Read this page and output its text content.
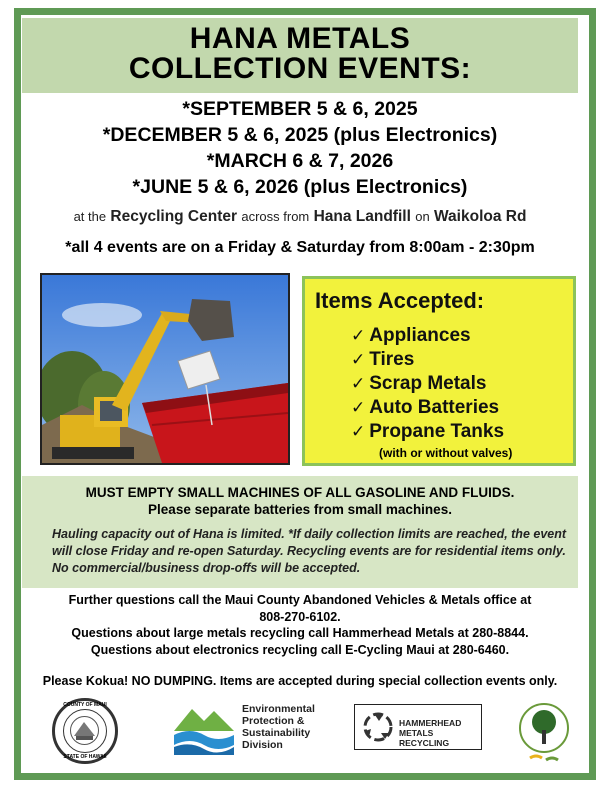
HANA METALS
COLLECTION EVENTS:
*SEPTEMBER 5 & 6, 2025
*DECEMBER 5 & 6, 2025 (plus Electronics)
*MARCH 6 & 7, 2026
*JUNE 5 & 6, 2026 (plus Electronics)
at the Recycling Center across from Hana Landfill on Waikoloa Rd
*all 4 events are on a Friday & Saturday from 8:00am - 2:30pm
Items Accepted:
✓ Appliances
✓ Tires
✓ Scrap Metals
✓ Auto Batteries
✓ Propane Tanks
(with or without valves)
MUST EMPTY SMALL MACHINES OF ALL GASOLINE AND FLUIDS.
Please separate batteries from small machines.
Hauling capacity out of Hana is limited. *If daily collection limits are reached, the event will close Friday and re-open Saturday. Recycling events are for residential items only. No commercial/business drop-offs will be accepted.
Further questions call the Maui County Abandoned Vehicles & Metals office at
808-270-6102.
Questions about large metals recycling call Hammerhead Metals at 280-8844.
Questions about electronics recycling call E-Cycling Maui at 280-6460.
Please Kokua! NO DUMPING. Items are accepted during special collection events only.
COUNTY OF MAUI
STATE OF HAWAII
Environmental
Protection &
Sustainability
Division
HAMMERHEAD
METALS RECYCLING
